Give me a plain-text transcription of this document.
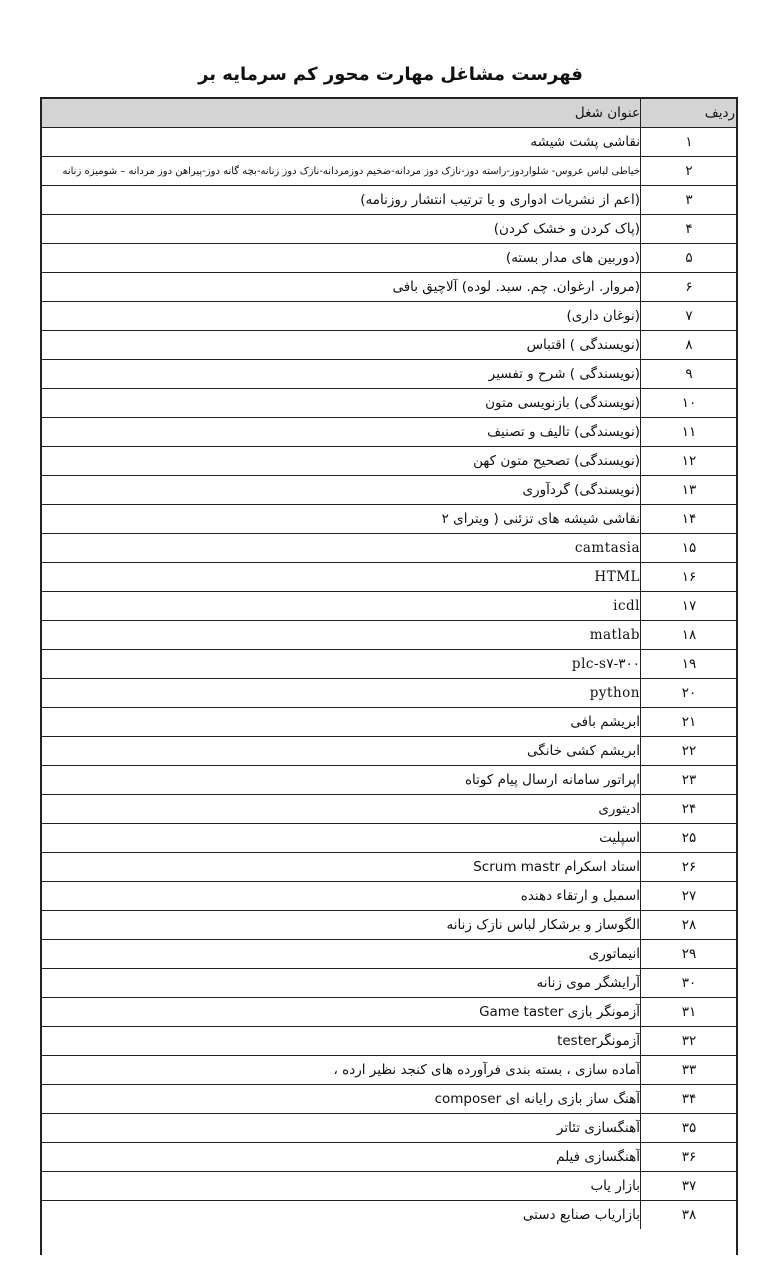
فهرست مشاغل مهارت محور کم سرمایه بر
ردیف	عنوان شغل
۱	نقاشی پشت شیشه
۲	خیاطی لباس عروس- شلواردوز-راسته دوز-نازک دوز مردانه-ضخیم دوزمردانه-نازک دوز زنانه-بچه گانه دوز-پیراهن دوز مردانه – شومیزه زنانه
۳	(اعم از نشریات ادواری و یا ترتیب انتشار روزنامه)
۴	(پاک کردن و خشک کردن)
۵	(دوربین های مدار بسته)
۶	(مروار. ارغوان. چم. سبد. لوده) آلاچیق بافی
۷	(نوغان داری)
۸	(نویسندگی ) اقتباس
۹	(نویسندگی ) شرح و تفسیر
۱۰	(نویسندگی) بازنویسی متون
۱۱	(نویسندگی) تالیف و تصنیف
۱۲	(نویسندگی) تصحیح متون کهن
۱۳	(نویسندگی) گردآوری
۱۴	نقاشی شیشه های تزئنی ( ویترای ۲
۱۵	camtasia
۱۶	HTML
۱۷	icdl
۱۸	matlab
۱۹	plc-s۷-۳۰۰
۲۰	python
۲۱	ابریشم بافی
۲۲	ابریشم کشی خانگی
۲۳	اپراتور سامانه ارسال پیام کوتاه
۲۴	ادیتوری
۲۵	اسپلیت
۲۶	استاد اسکرام Scrum mastr
۲۷	اسمبل و ارتقاء دهنده
۲۸	الگوساز و برشکار لباس نازک زنانه
۲۹	انیماتوری
۳۰	آرایشگر موی زنانه
۳۱	آزمونگر بازی Game taster
۳۲	آزمونگرtester
۳۳	آماده سازی ، بسته بندی فرآورده های کنجد نظیر ارده ،
۳۴	آهنگ ساز بازی رایانه ای composer
۳۵	آهنگسازی تئاتر
۳۶	آهنگسازی فیلم
۳۷	بازار یاب
۳۸	بازاریاب صنایع دستی
